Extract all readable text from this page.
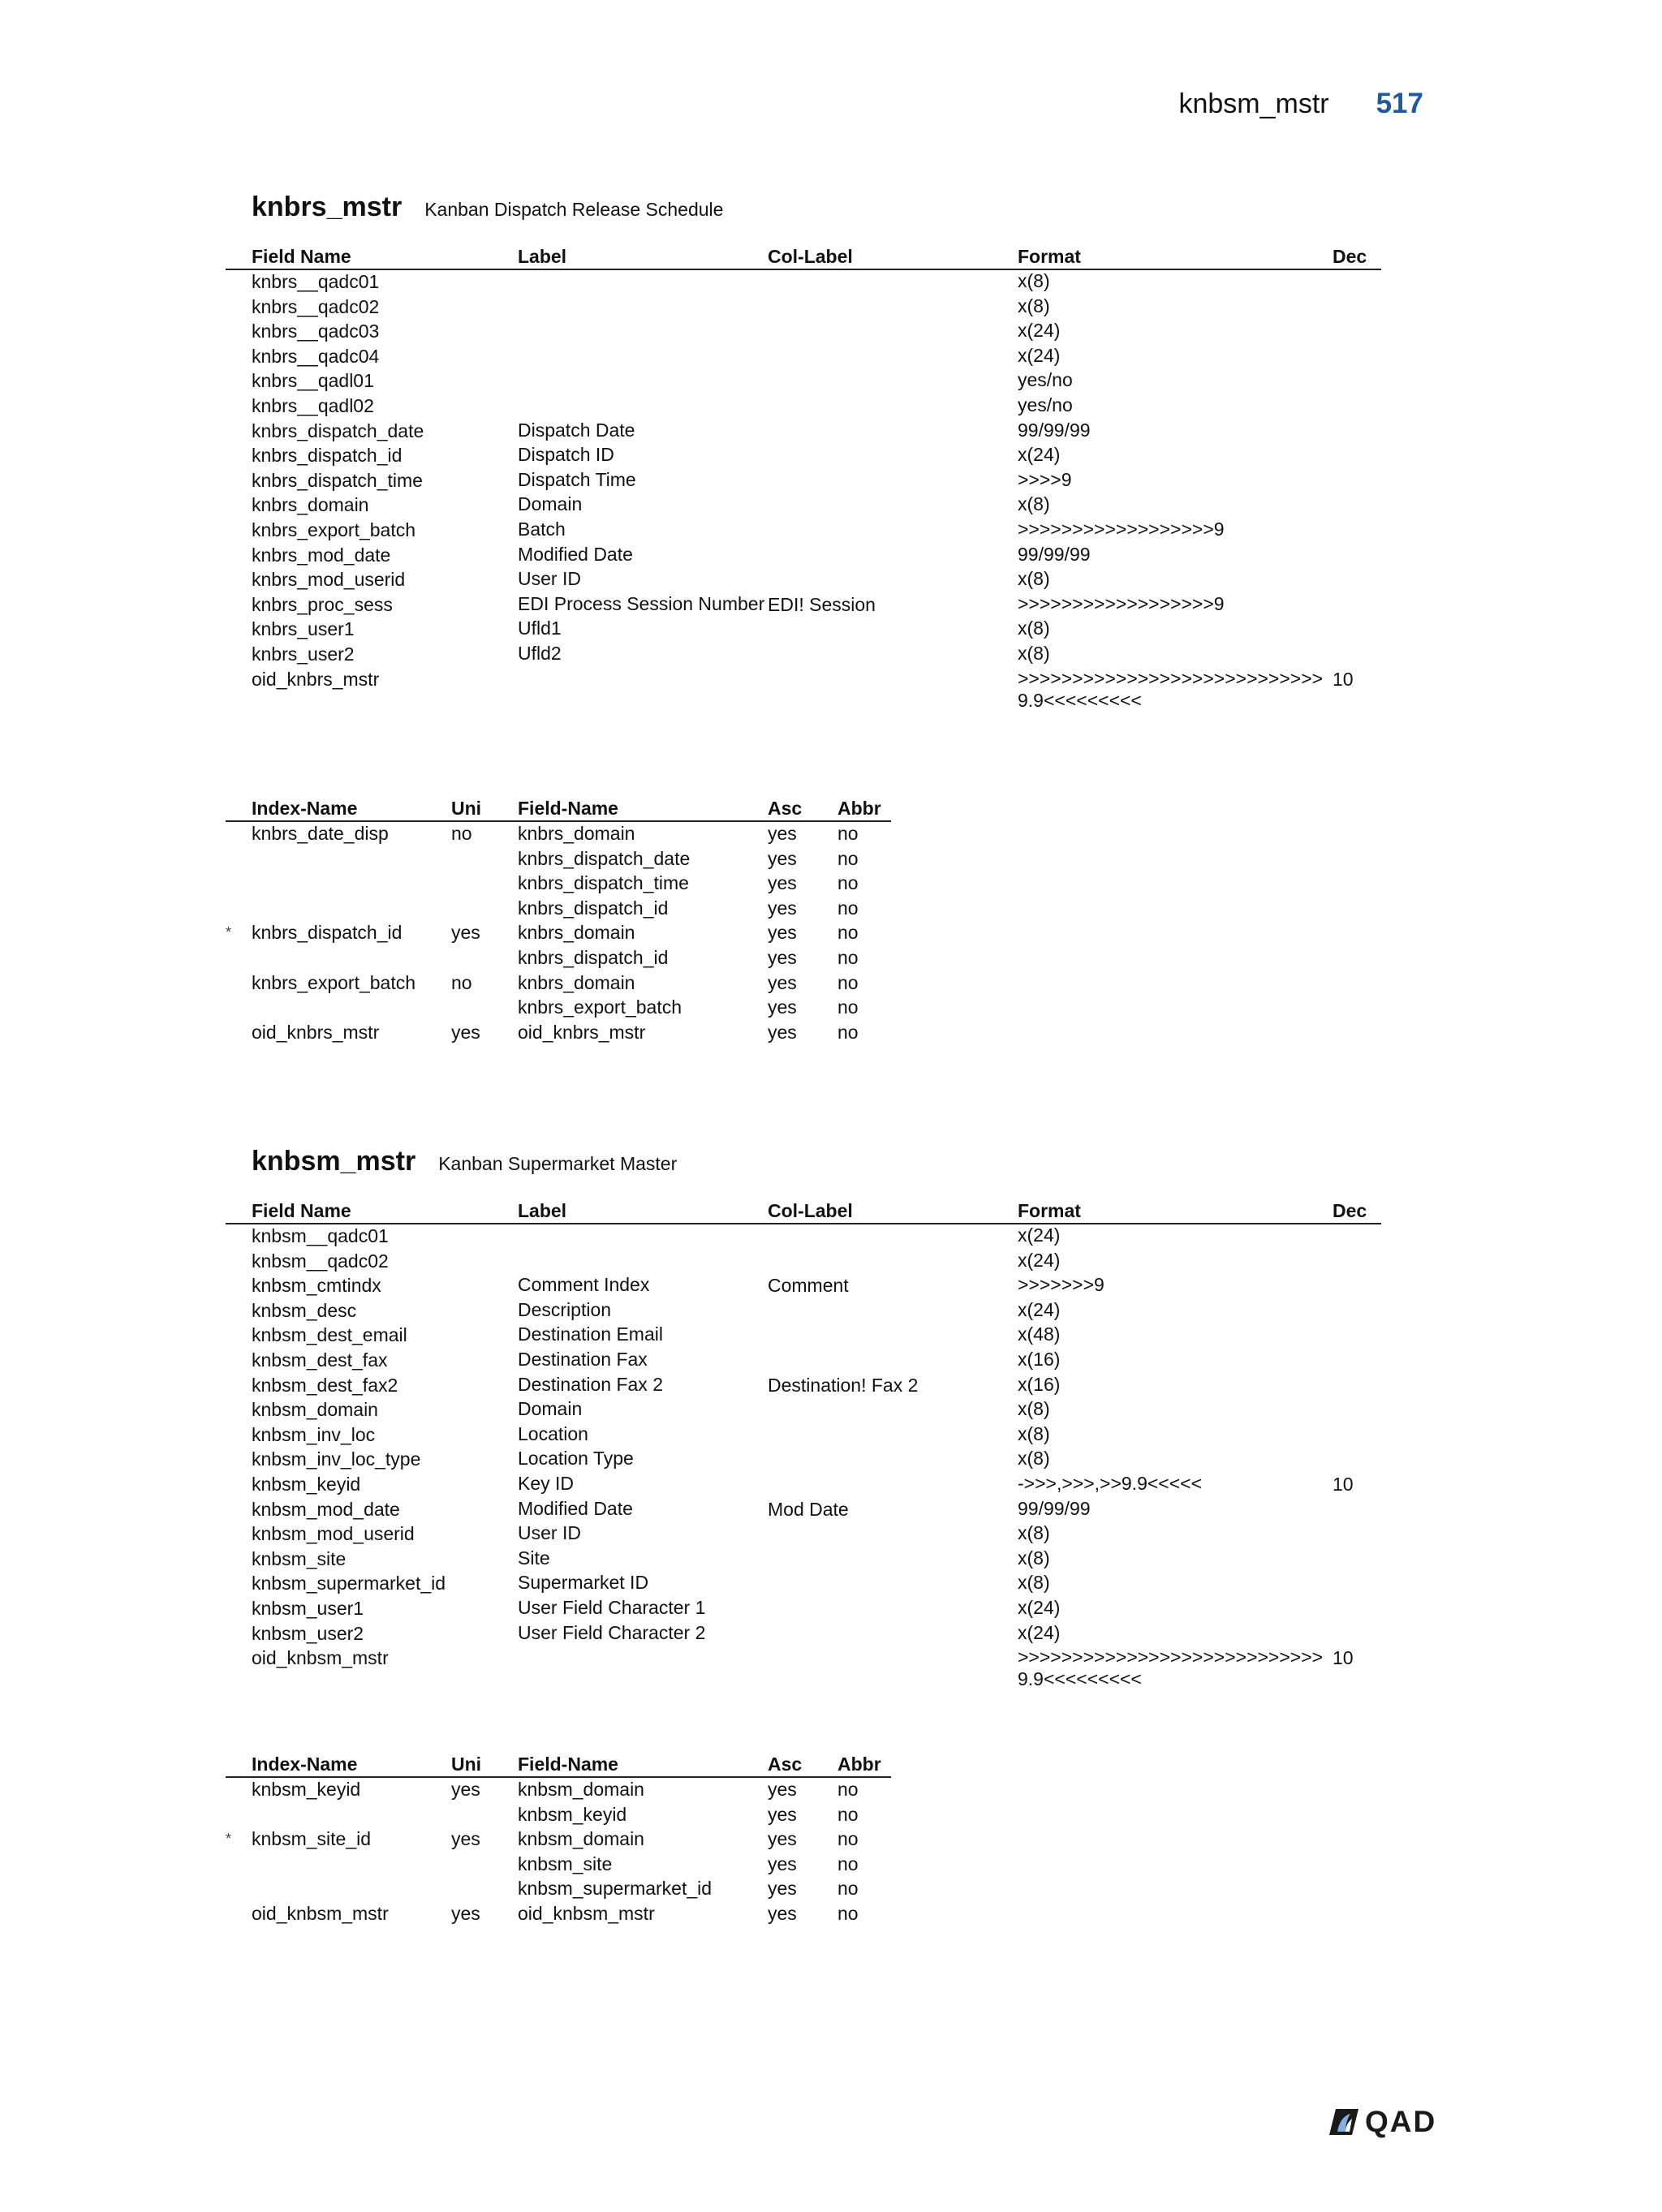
knbsm_mstr 517
knbrs_mstr Kanban Dispatch Release Schedule
	Field Name	Label	Col-Label	Format	Dec
	knbrs__qadc01			x(8)	
	knbrs__qadc02			x(8)	
	knbrs__qadc03			x(24)	
	knbrs__qadc04			x(24)	
	knbrs__qadl01			yes/no	
	knbrs__qadl02			yes/no	
	knbrs_dispatch_date	Dispatch Date		99/99/99	
	knbrs_dispatch_id	Dispatch ID		x(24)	
	knbrs_dispatch_time	Dispatch Time		>>>>9	
	knbrs_domain	Domain		x(8)	
	knbrs_export_batch	Batch		>>>>>>>>>>>>>>>>>>9	
	knbrs_mod_date	Modified Date		99/99/99	
	knbrs_mod_userid	User ID		x(8)	
	knbrs_proc_sess	EDI Process Session Number	EDI! Session	>>>>>>>>>>>>>>>>>>9	
	knbrs_user1	Ufld1		x(8)	
	knbrs_user2	Ufld2		x(8)	
	oid_knbrs_mstr			>>>>>>>>>>>>>>>>>>>>>>>>>>>>9.9<<<<<<<<<	10
	Index-Name	Uni	Field-Name	Asc	Abbr
	knbrs_date_disp	no	knbrs_domain	yes	no
			knbrs_dispatch_date	yes	no
			knbrs_dispatch_time	yes	no
			knbrs_dispatch_id	yes	no
*	knbrs_dispatch_id	yes	knbrs_domain	yes	no
			knbrs_dispatch_id	yes	no
	knbrs_export_batch	no	knbrs_domain	yes	no
			knbrs_export_batch	yes	no
	oid_knbrs_mstr	yes	oid_knbrs_mstr	yes	no
knbsm_mstr Kanban Supermarket Master
	Field Name	Label	Col-Label	Format	Dec
	knbsm__qadc01			x(24)	
	knbsm__qadc02			x(24)	
	knbsm_cmtindx	Comment Index	Comment	>>>>>>>9	
	knbsm_desc	Description		x(24)	
	knbsm_dest_email	Destination Email		x(48)	
	knbsm_dest_fax	Destination Fax		x(16)	
	knbsm_dest_fax2	Destination Fax 2	Destination! Fax 2	x(16)	
	knbsm_domain	Domain		x(8)	
	knbsm_inv_loc	Location		x(8)	
	knbsm_inv_loc_type	Location Type		x(8)	
	knbsm_keyid	Key ID		->>>,>>>,>>9.9<<<<<	10
	knbsm_mod_date	Modified Date	Mod Date	99/99/99	
	knbsm_mod_userid	User ID		x(8)	
	knbsm_site	Site		x(8)	
	knbsm_supermarket_id	Supermarket ID		x(8)	
	knbsm_user1	User Field Character 1		x(24)	
	knbsm_user2	User Field Character 2		x(24)	
	oid_knbsm_mstr			>>>>>>>>>>>>>>>>>>>>>>>>>>>>9.9<<<<<<<<<	10
	Index-Name	Uni	Field-Name	Asc	Abbr
	knbsm_keyid	yes	knbsm_domain	yes	no
			knbsm_keyid	yes	no
*	knbsm_site_id	yes	knbsm_domain	yes	no
			knbsm_site	yes	no
			knbsm_supermarket_id	yes	no
	oid_knbsm_mstr	yes	oid_knbsm_mstr	yes	no
QAD
